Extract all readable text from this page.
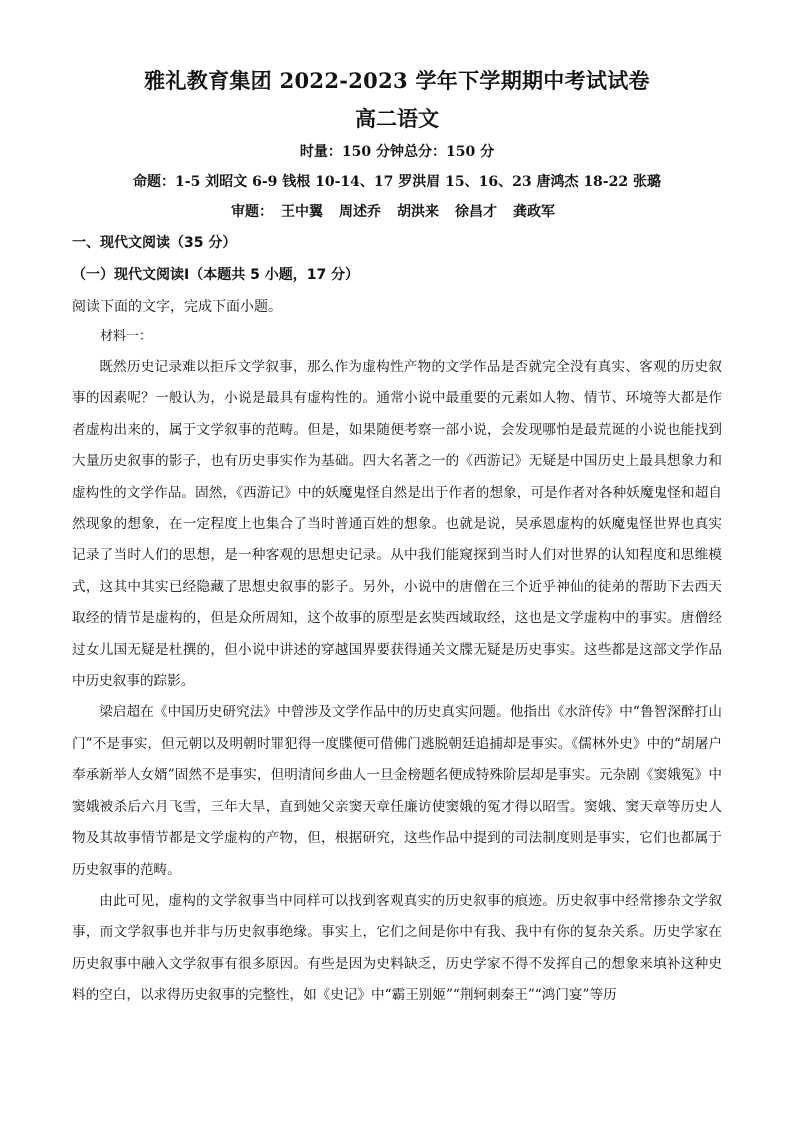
雅礼教育集团 2022-2023 学年下学期期中考试试卷
高二语文
时量：150 分钟总分：150 分
命题：1-5 刘昭文 6-9 钱根 10-14、17 罗洪眉 15、16、23 唐鸿杰 18-22 张璐
审题： 王中翼 周述乔 胡洪来 徐昌才 龚政军
一、现代文阅读（35 分）
（一）现代文阅读Ⅰ（本题共 5 小题，17 分）
阅读下面的文字，完成下面小题。
材料一：

既然历史记录难以拒斥文学叙事，那么作为虚构性产物的文学作品是否就完全没有真实、客观的历史叙事的因素呢？一般认为，小说是最具有虚构性的。通常小说中最重要的元素如人物、情节、环境等大都是作者虚构出来的，属于文学叙事的范畴。但是，如果随便考察一部小说，会发现哪怕是最荒诞的小说也能找到大量历史叙事的影子，也有历史事实作为基础。四大名著之一的《西游记》无疑是中国历史上最具想象力和虚构性的文学作品。固然，《西游记》中的妖魔鬼怪自然是出于作者的想象，可是作者对各种妖魔鬼怪和超自然现象的想象，在一定程度上也集合了当时普通百姓的想象。也就是说，吴承恩虚构的妖魔鬼怪世界也真实记录了当时人们的思想，是一种客观的思想史记录。从中我们能窥探到当时人们对世界的认知程度和思维模式，这其中其实已经隐藏了思想史叙事的影子。另外，小说中的唐僧在三个近乎神仙的徒弟的帮助下去西天取经的情节是虚构的，但是众所周知，这个故事的原型是玄奘西域取经，这也是文学虚构中的事实。唐僧经过女儿国无疑是杜撰的，但小说中讲述的穿越国界要获得通关文牒无疑是历史事实。这些都是这部文学作品中历史叙事的踪影。

梁启超在《中国历史研究法》中曾涉及文学作品中的历史真实问题。他指出《水浒传》中“鲁智深醉打山门”不是事实，但元朝以及明朝时罪犯得一度牒便可借佛门逃脱朝廷追捕却是事实。《儒林外史》中的“胡屠户奉承新举人女婿”固然不是事实，但明清间乡曲人一旦金榜题名便成特殊阶层却是事实。元杂剧《窦娥冤》中窦娥被杀后六月飞雪，三年大旱，直到她父亲窦天章任廉访使窦娥的冤才得以昭雪。窦娥、窦天章等历史人物及其故事情节都是文学虚构的产物，但，根据研究，这些作品中提到的司法制度则是事实，它们也都属于历史叙事的范畴。

由此可见，虚构的文学叙事当中同样可以找到客观真实的历史叙事的痕迹。历史叙事中经常掺杂文学叙事，而文学叙事也并非与历史叙事绝缘。事实上，它们之间是你中有我、我中有你的复杂关系。历史学家在历史叙事中融入文学叙事有很多原因。有些是因为史料缺乏，历史学家不得不发挥自己的想象来填补这种史料的空白，以求得历史叙事的完整性，如《史记》中“霸王别姬”“荆轲刺秦王”“鸿门宴”等历
